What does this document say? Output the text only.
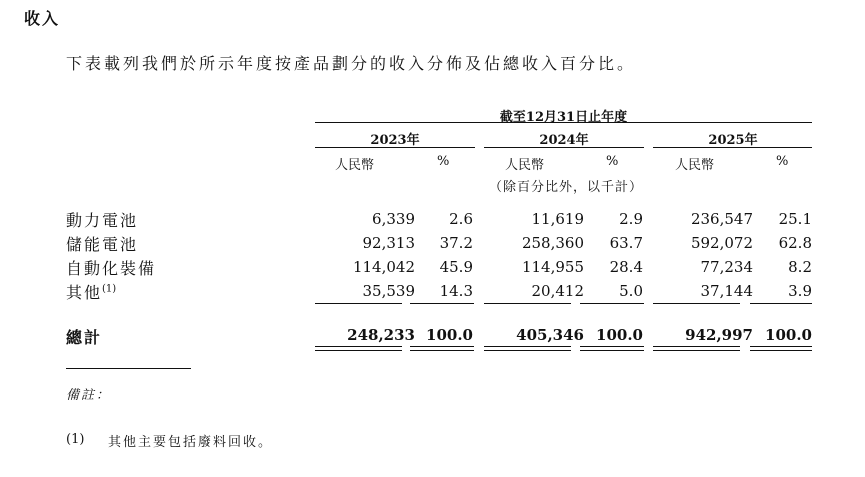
收入
下表載列我們於所示年度按產品劃分的收入分佈及佔總收入百分比。
截至12月31日止年度
2023年	2024年	2025年
人民幣	%	人民幣	%	人民幣	%
（除百分比外，以千計）
動力電池	6,339 2.6	11,619 2.9	236,547 25.1
儲能電池	92,313 37.2	258,360 63.7	592,072 62.8
自動化裝備	114,042 45.9	114,955 28.4	77,234 8.2
其他$^{(1)}$	35,539 14.3	20,412 5.0	37,144 3.9
總計	248,233 100.0	405,346 100.0	942,997 100.0
備註：
(1) 其他主要包括廢料回收。
